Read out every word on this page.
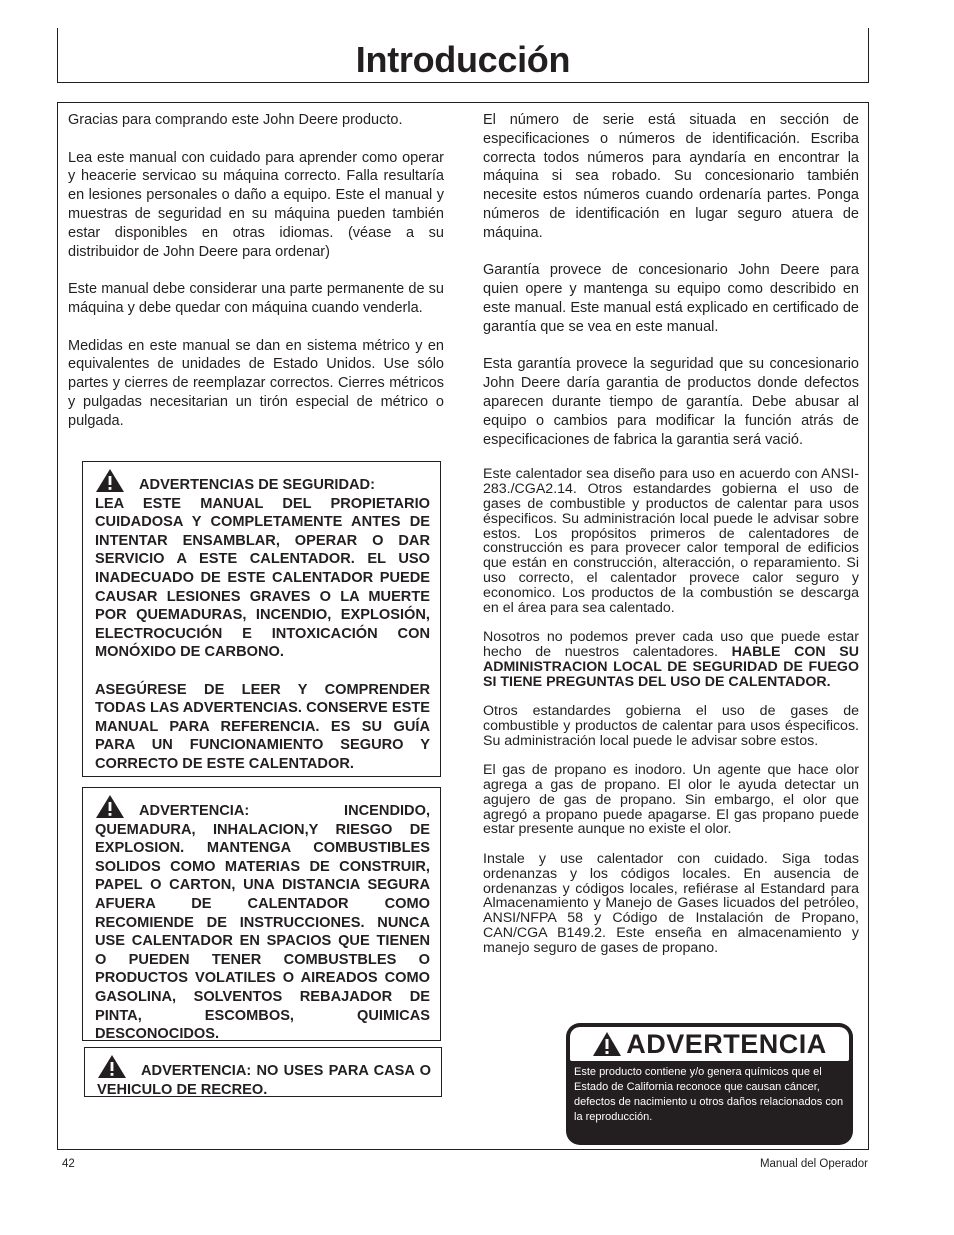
Introducción

Gracias para comprando este John Deere producto.

Lea este manual con cuidado para aprender como operar y heacerie servicao su máquina correcto. Falla resultaría en lesiones personales o daño a equipo. Este el manual y muestras de seguridad en su máquina pueden también estar disponibles en otras idiomas. (véase a su distribuidor de John Deere para ordenar)

Este manual debe considerar una parte permanente de su máquina y debe quedar con máquina cuando venderla.

Medidas en este manual se dan en sistema métrico y en equivalentes de unidades de Estado Unidos. Use sólo partes y cierres de reemplazar correctos. Cierres métricos y pulgadas necesitarian un tirón especial de métrico o pulgada.

ADVERTENCIAS DE SEGURIDAD:
LEA ESTE MANUAL DEL PROPIETARIO CUIDADOSA Y COMPLETAMENTE ANTES DE INTENTAR ENSAMBLAR, OPERAR O DAR SERVICIO A ESTE CALENTADOR. EL USO INADECUADO DE ESTE CALENTADOR PUEDE CAUSAR LESIONES GRAVES O LA MUERTE POR QUEMADURAS, INCENDIO, EXPLOSIÓN, ELECTROCUCIÓN E INTOXICACIÓN CON MONÓXIDO DE CARBONO.

ASEGÚRESE DE LEER Y COMPRENDER TODAS LAS ADVERTENCIAS. CONSERVE ESTE MANUAL PARA REFERENCIA. ES SU GUÍA PARA UN FUNCIONAMIENTO SEGURO Y CORRECTO DE ESTE CALENTADOR.

ADVERTENCIA: INCENDIDO, QUEMADURA, INHALACION,Y RIESGO DE EXPLOSION. MANTENGA COMBUSTIBLES SOLIDOS COMO MATERIAS DE CONSTRUIR, PAPEL O CARTON, UNA DISTANCIA SEGURA AFUERA DE CALENTADOR COMO RECOMIENDE DE INSTRUCCIONES. NUNCA USE CALENTADOR EN SPACIOS QUE TIENEN O PUEDEN TENER COMBUSTBLES O PRODUCTOS VOLATILES O AIREADOS COMO GASOLINA, SOLVENTOS REBAJADOR DE PINTA, ESCOMBOS, QUIMICAS DESCONOCIDOS.

ADVERTENCIA: NO USES PARA CASA O VEHICULO DE RECREO.

El número de serie está situada en sección de especificaciones o números de identificación. Escriba correcta todos números para ayndaría en encontrar la máquina si sea robado. Su concesionario también necesite estos números cuando ordenaría partes. Ponga números de identificación en lugar seguro atuera de máquina.

Garantía provece de concesionario John Deere para quien opere y mantenga su equipo como describido en este manual. Este manual está explicado en certificado de garantía que se vea en este manual.

Esta garantía provece la seguridad que su concesionario John Deere daría garantia de productos donde defectos aparecen durante tiempo de garantía. Debe abusar al equipo o cambios para modificar la función atrás de especificaciones de fabrica la garantia será vació.

Este calentador sea diseño para uso en acuerdo con ANSI-283./CGA2.14. Otros estandardes gobierna el uso de gases de combustible y productos de calentar para usos éspecificos. Su administración local puede le advisar sobre estos. Los propósitos primeros de calentadores de construcción es para provecer calor temporal de edificios que están en construcción, alteracción, o reparamiento. Si uso correcto, el calentador provece calor seguro y economico. Los productos de la combustión se descarga en el área para sea calentado.

Nosotros no podemos prever cada uso que puede estar hecho de nuestros calentadores. HABLE CON SU ADMINISTRACION LOCAL DE SEGURIDAD DE FUEGO SI TIENE PREGUNTAS DEL USO DE CALENTADOR.

Otros estandardes gobierna el uso de gases de combustible y productos de calentar para usos éspecificos. Su administración local puede le advisar sobre estos.

El gas de propano es inodoro. Un agente que hace olor agrega a gas de propano. El olor le ayuda detectar un agujero de gas de propano. Sin embargo, el olor que agregó a propano puede apagarse. El gas propano puede estar presente aunque no existe el olor.

Instale y use calentador con cuidado. Siga todas ordenanzas y los códigos locales. En ausencia de ordenanzas y códigos locales, refiérase al Estandard para Almacenamiento y Manejo de Gases licuados del petróleo, ANSI/NFPA 58 y Código de Instalación de Propano, CAN/CGA B149.2. Este enseña en almacenamiento y manejo seguro de gases de propano.

ADVERTENCIA
Este producto contiene y/o genera químicos que el Estado de California reconoce que causan cáncer, defectos de nacimiento u otros daños relacionados con la reproducción.
42	Manual del Operador
